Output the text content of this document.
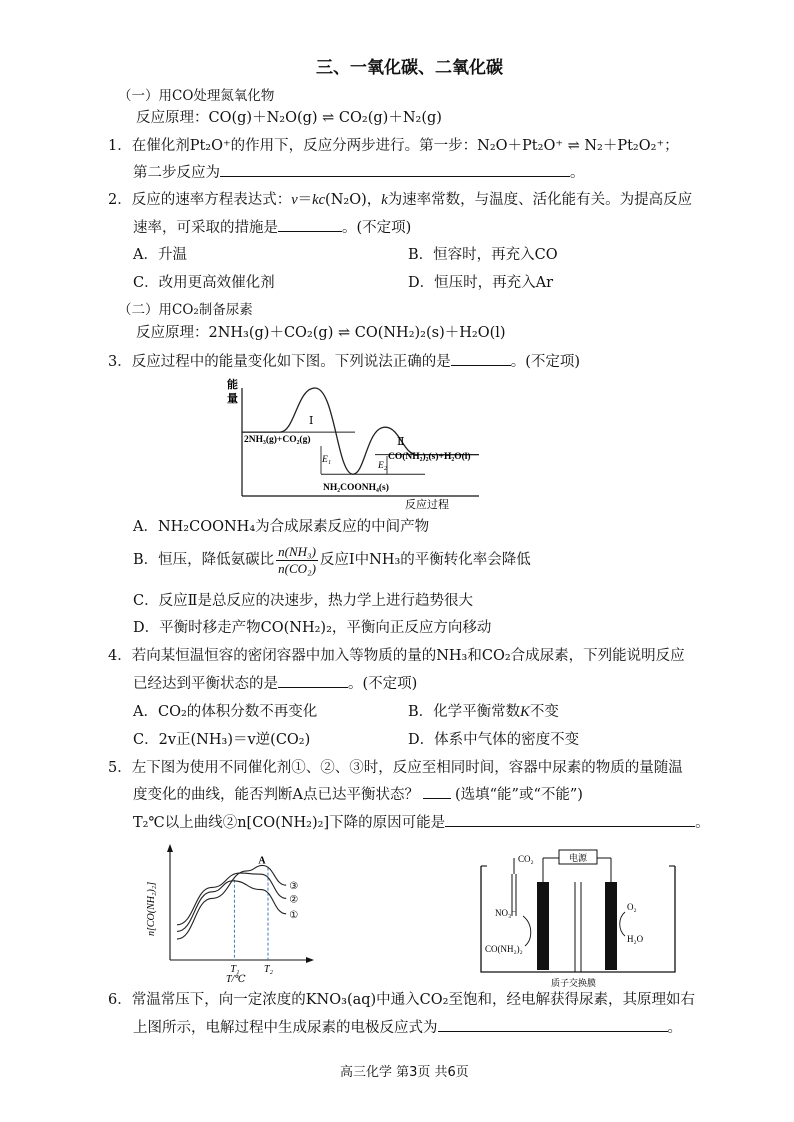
三、一氧化碳、二氧化碳
（一）用CO处理氮氧化物
反应原理：CO(g)＋N₂O(g) ⇌ CO₂(g)＋N₂(g)
1．在催化剂Pt₂O⁺的作用下，反应分两步进行。第一步：N₂O＋Pt₂O⁺ ⇌ N₂＋Pt₂O₂⁺；
第二步反应为	。
2．反应的速率方程表达式：v＝kc(N₂O)，k为速率常数，与温度、活化能有关。为提高反应
速率，可采取的措施是	。(不定项)
A．升温	B．恒容时，再充入CO
C．改用更高效催化剂	D．恒压时，再充入Ar
（二）用CO₂制备尿素
反应原理：2NH₃(g)＋CO₂(g) ⇌ CO(NH₂)₂(s)＋H₂O(l)
3．反应过程中的能量变化如下图。下列说法正确的是	。(不定项)
能
量
反应过程
2NH₃(g)+CO₂(g)
NH₂COONH₄(s)
CO(NH₂)₂(s)+H₂O(l)
Ⅰ
Ⅱ
E₁
E₂
A．NH₂COONH₄为合成尿素反应的中间产物
B．恒压，降低氨碳比 $\frac{\text{n(NH₃)}}{\text{n(CO₂)}}$ 反应Ⅰ中NH₃的平衡转化率会降低
C．反应Ⅱ是总反应的决速步，热力学上进行趋势很大
D．平衡时移走产物CO(NH₂)₂，平衡向正反应方向移动
4．若向某恒温恒容的密闭容器中加入等物质的量的NH₃和CO₂合成尿素，下列能说明反应
已经达到平衡状态的是	。(不定项)
A．CO₂的体积分数不再变化	B．化学平衡常数K不变
C．2v正(NH₃)＝v逆(CO₂)	D．体系中气体的密度不变
5．左下图为使用不同催化剂①、②、③时，反应至相同时间，容器中尿素的物质的量随温
度变化的曲线，能否判断A点已达平衡状态？ (选填“能”或“不能”)
T₂℃以上曲线②n[CO(NH₂)₂]下降的原因可能是	。
n[CO(NH₂)₂]
T/℃
T₁ T₂
①
②
③
A	CO₂	电源
NO₃⁻
CO(NH₂)₂
O₂
H₂O
质子交换膜
6．常温常压下，向一定浓度的KNO₃(aq)中通入CO₂至饱和，经电解获得尿素，其原理如右
上图所示，电解过程中生成尿素的电极反应式为	。
高三化学 第3页 共6页
